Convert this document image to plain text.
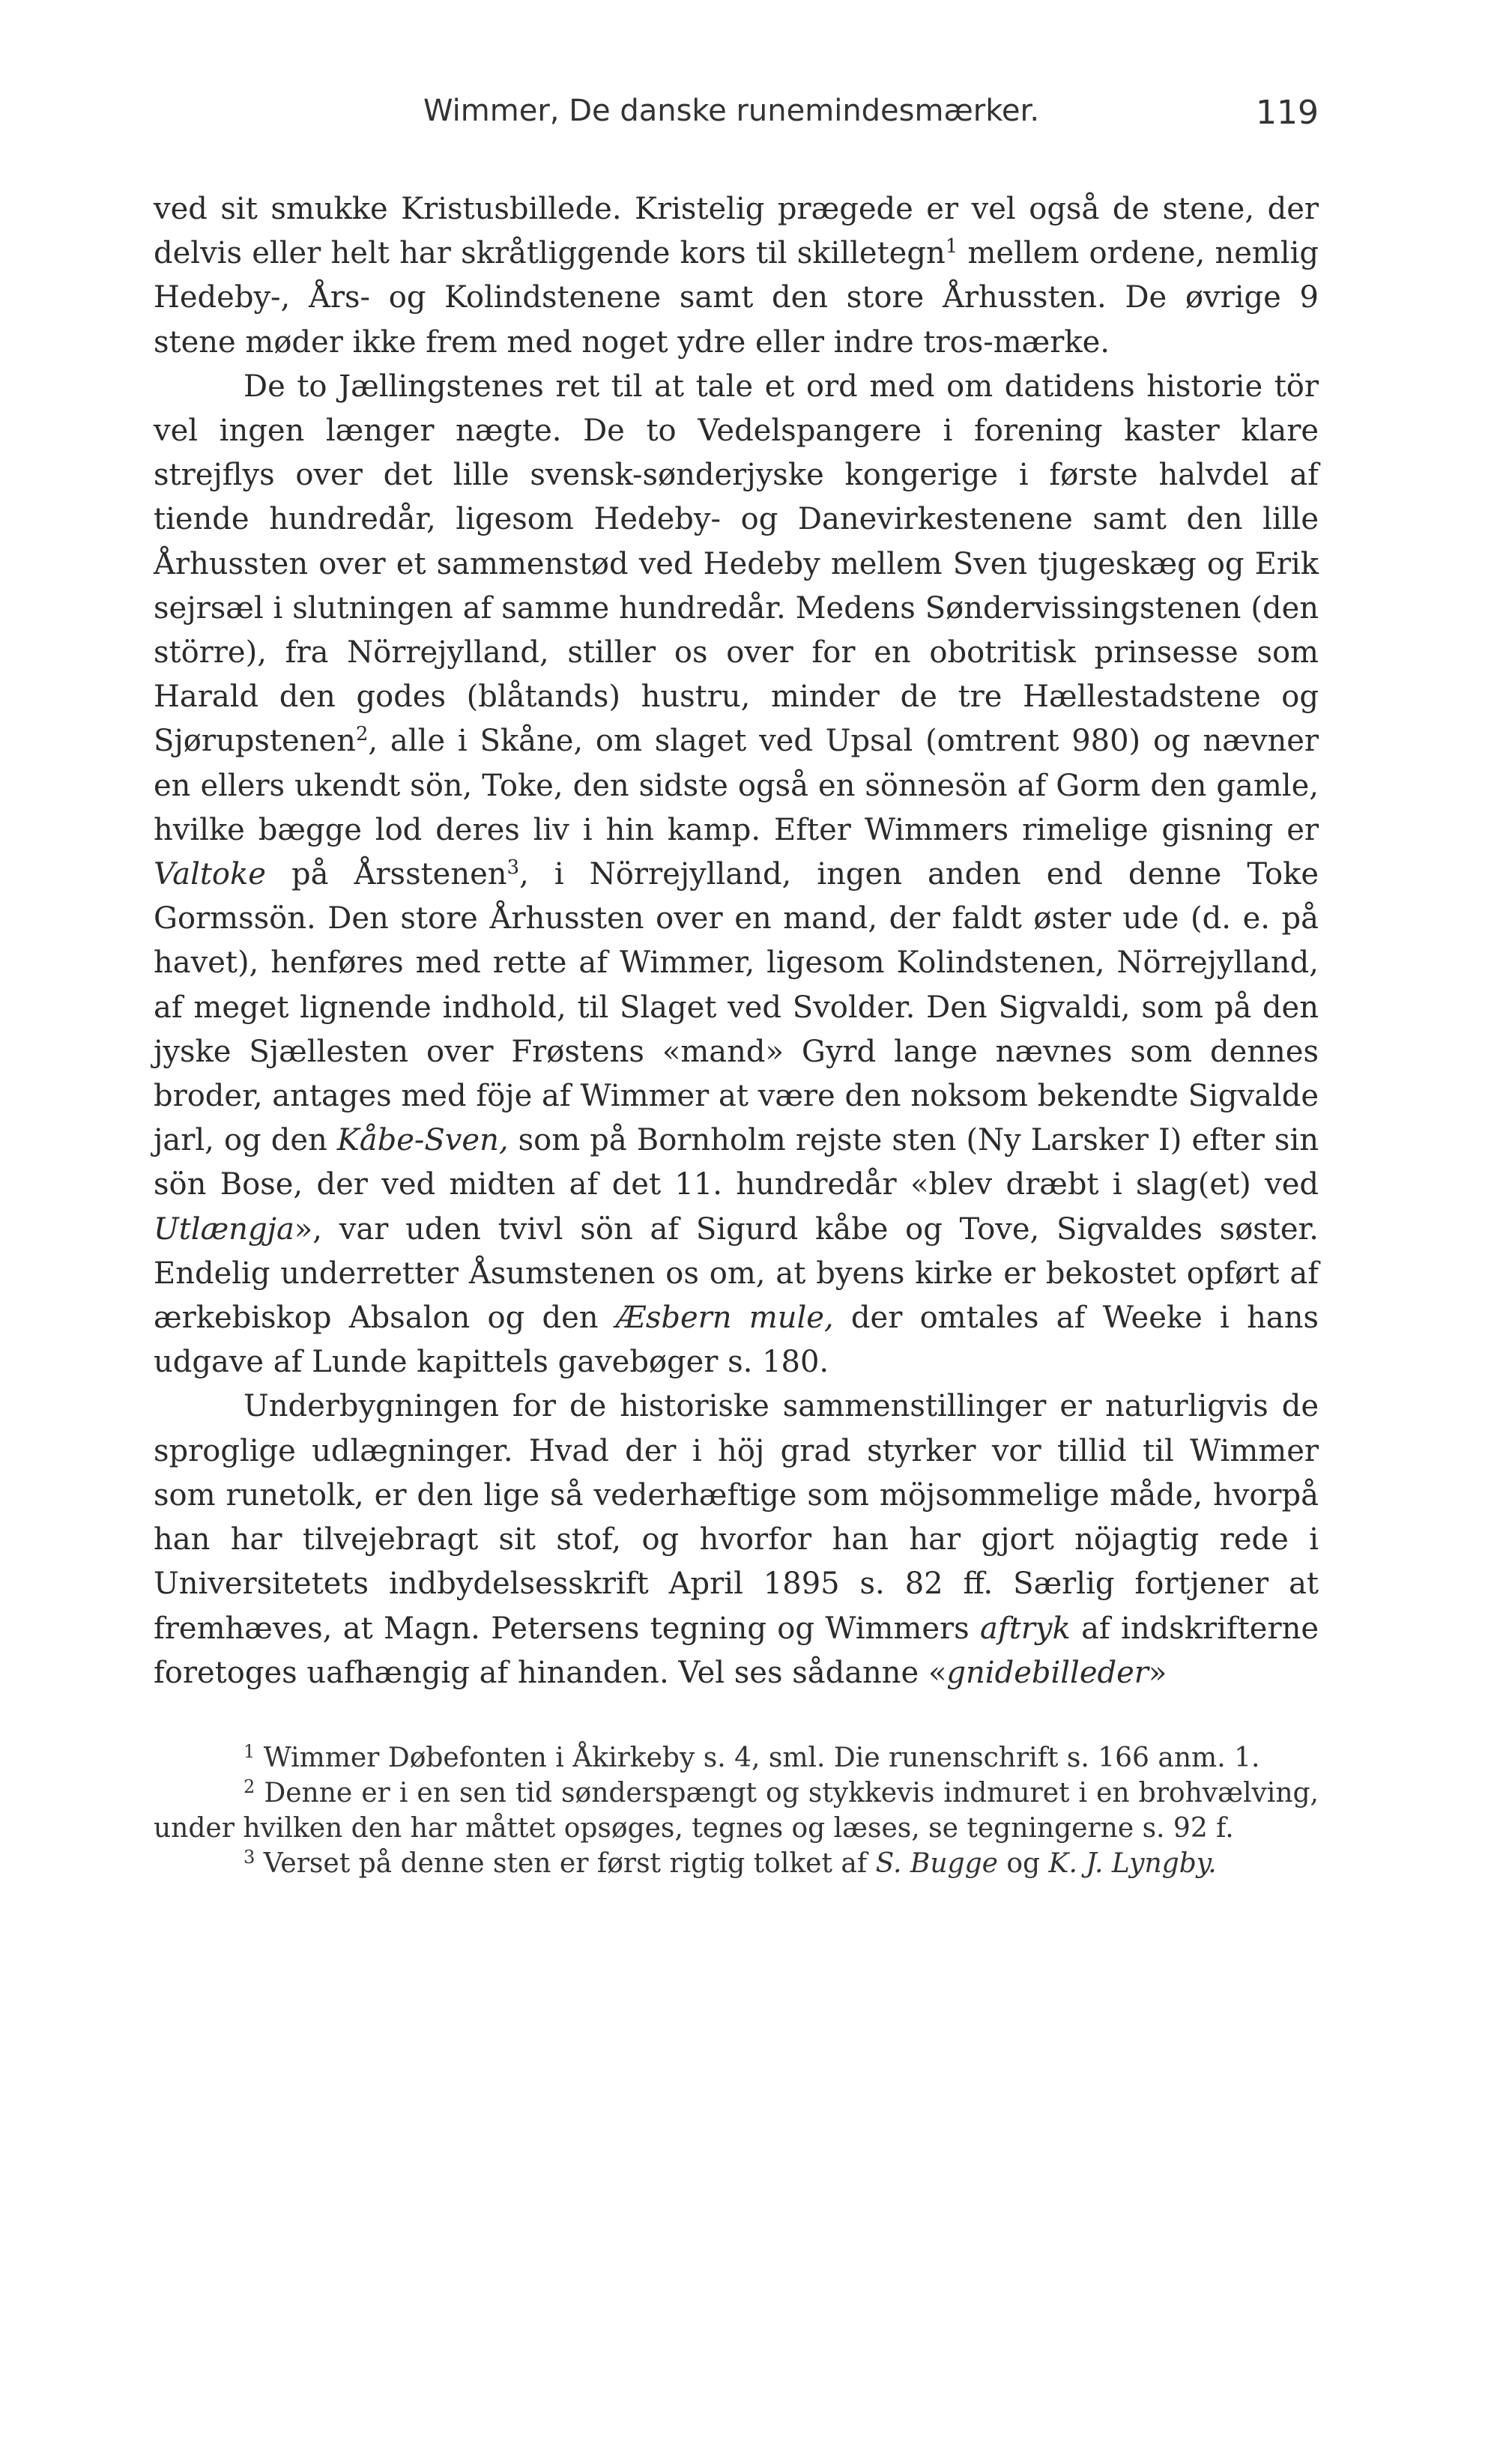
Wimmer, De danske runemindesmærker.	119

ved sit smukke Kristusbillede. Kristelig prægede er vel også de stene, der delvis eller helt har skråtliggende kors til skilletegn$^1$ mellem ordene, nemlig Hedeby-, Års- og Kolindstenene samt den store Århussten. De øvrige 9 stene møder ikke frem med noget ydre eller indre tros-mærke.

De to Jællingstenes ret til at tale et ord med om datidens historie tör vel ingen længer nægte. De to Vedelspangere i forening kaster klare strejflys over det lille svensk-sønderjyske kongerige i første halvdel af tiende hundredår, ligesom Hedeby- og Danevirkestenene samt den lille Århussten over et sammenstød ved Hedeby mellem Sven tjugeskæg og Erik sejrsæl i slutningen af samme hundredår. Medens Søndervissingstenen (den större), fra Nörrejylland, stiller os over for en obotritisk prinsesse som Harald den godes (blåtands) hustru, minder de tre Hællestadstene og Sjørupstenen$^2$, alle i Skåne, om slaget ved Upsal (omtrent 980) og nævner en ellers ukendt sön, Toke, den sidste også en sönnesön af Gorm den gamle, hvilke bægge lod deres liv i hin kamp. Efter Wimmers rimelige gisning er Valtoke på Årsstenen$^3$, i Nörrejylland, ingen anden end denne Toke Gormssön. Den store Århussten over en mand, der faldt øster ude (d. e. på havet), henføres med rette af Wimmer, ligesom Kolindstenen, Nörrejylland, af meget lignende indhold, til Slaget ved Svolder. Den Sigvaldi, som på den jyske Sjællesten over Frøstens «mand» Gyrd lange nævnes som dennes broder, antages med föje af Wimmer at være den noksom bekendte Sigvalde jarl, og den Kåbe-Sven, som på Bornholm rejste sten (Ny Larsker I) efter sin sön Bose, der ved midten af det 11. hundredår «blev dræbt i slag(et) ved Utlængja», var uden tvivl sön af Sigurd kåbe og Tove, Sigvaldes søster. Endelig underretter Åsumstenen os om, at byens kirke er bekostet opført af ærkebiskop Absalon og den Æsbern mule, der omtales af Weeke i hans udgave af Lunde kapittels gavebøger s. 180.

Underbygningen for de historiske sammenstillinger er naturligvis de sproglige udlægninger. Hvad der i höj grad styrker vor tillid til Wimmer som runetolk, er den lige så vederhæftige som möjsommelige måde, hvorpå han har tilvejebragt sit stof, og hvorfor han har gjort nöjagtig rede i Universitetets indbydelsesskrift April 1895 s. 82 ff. Særlig fortjener at fremhæves, at Magn. Petersens tegning og Wimmers aftryk af indskrifterne foretoges uafhængig af hinanden. Vel ses sådanne «gnidebilleder»

$^1$ Wimmer Døbefonten i Åkirkeby s. 4, sml. Die runenschrift s. 166 anm. 1.

$^2$ Denne er i en sen tid sønderspængt og stykkevis indmuret i en brohvælving, under hvilken den har måttet opsøges, tegnes og læses, se tegningerne s. 92 f.

$^3$ Verset på denne sten er først rigtig tolket af S. Bugge og K. J. Lyngby.
